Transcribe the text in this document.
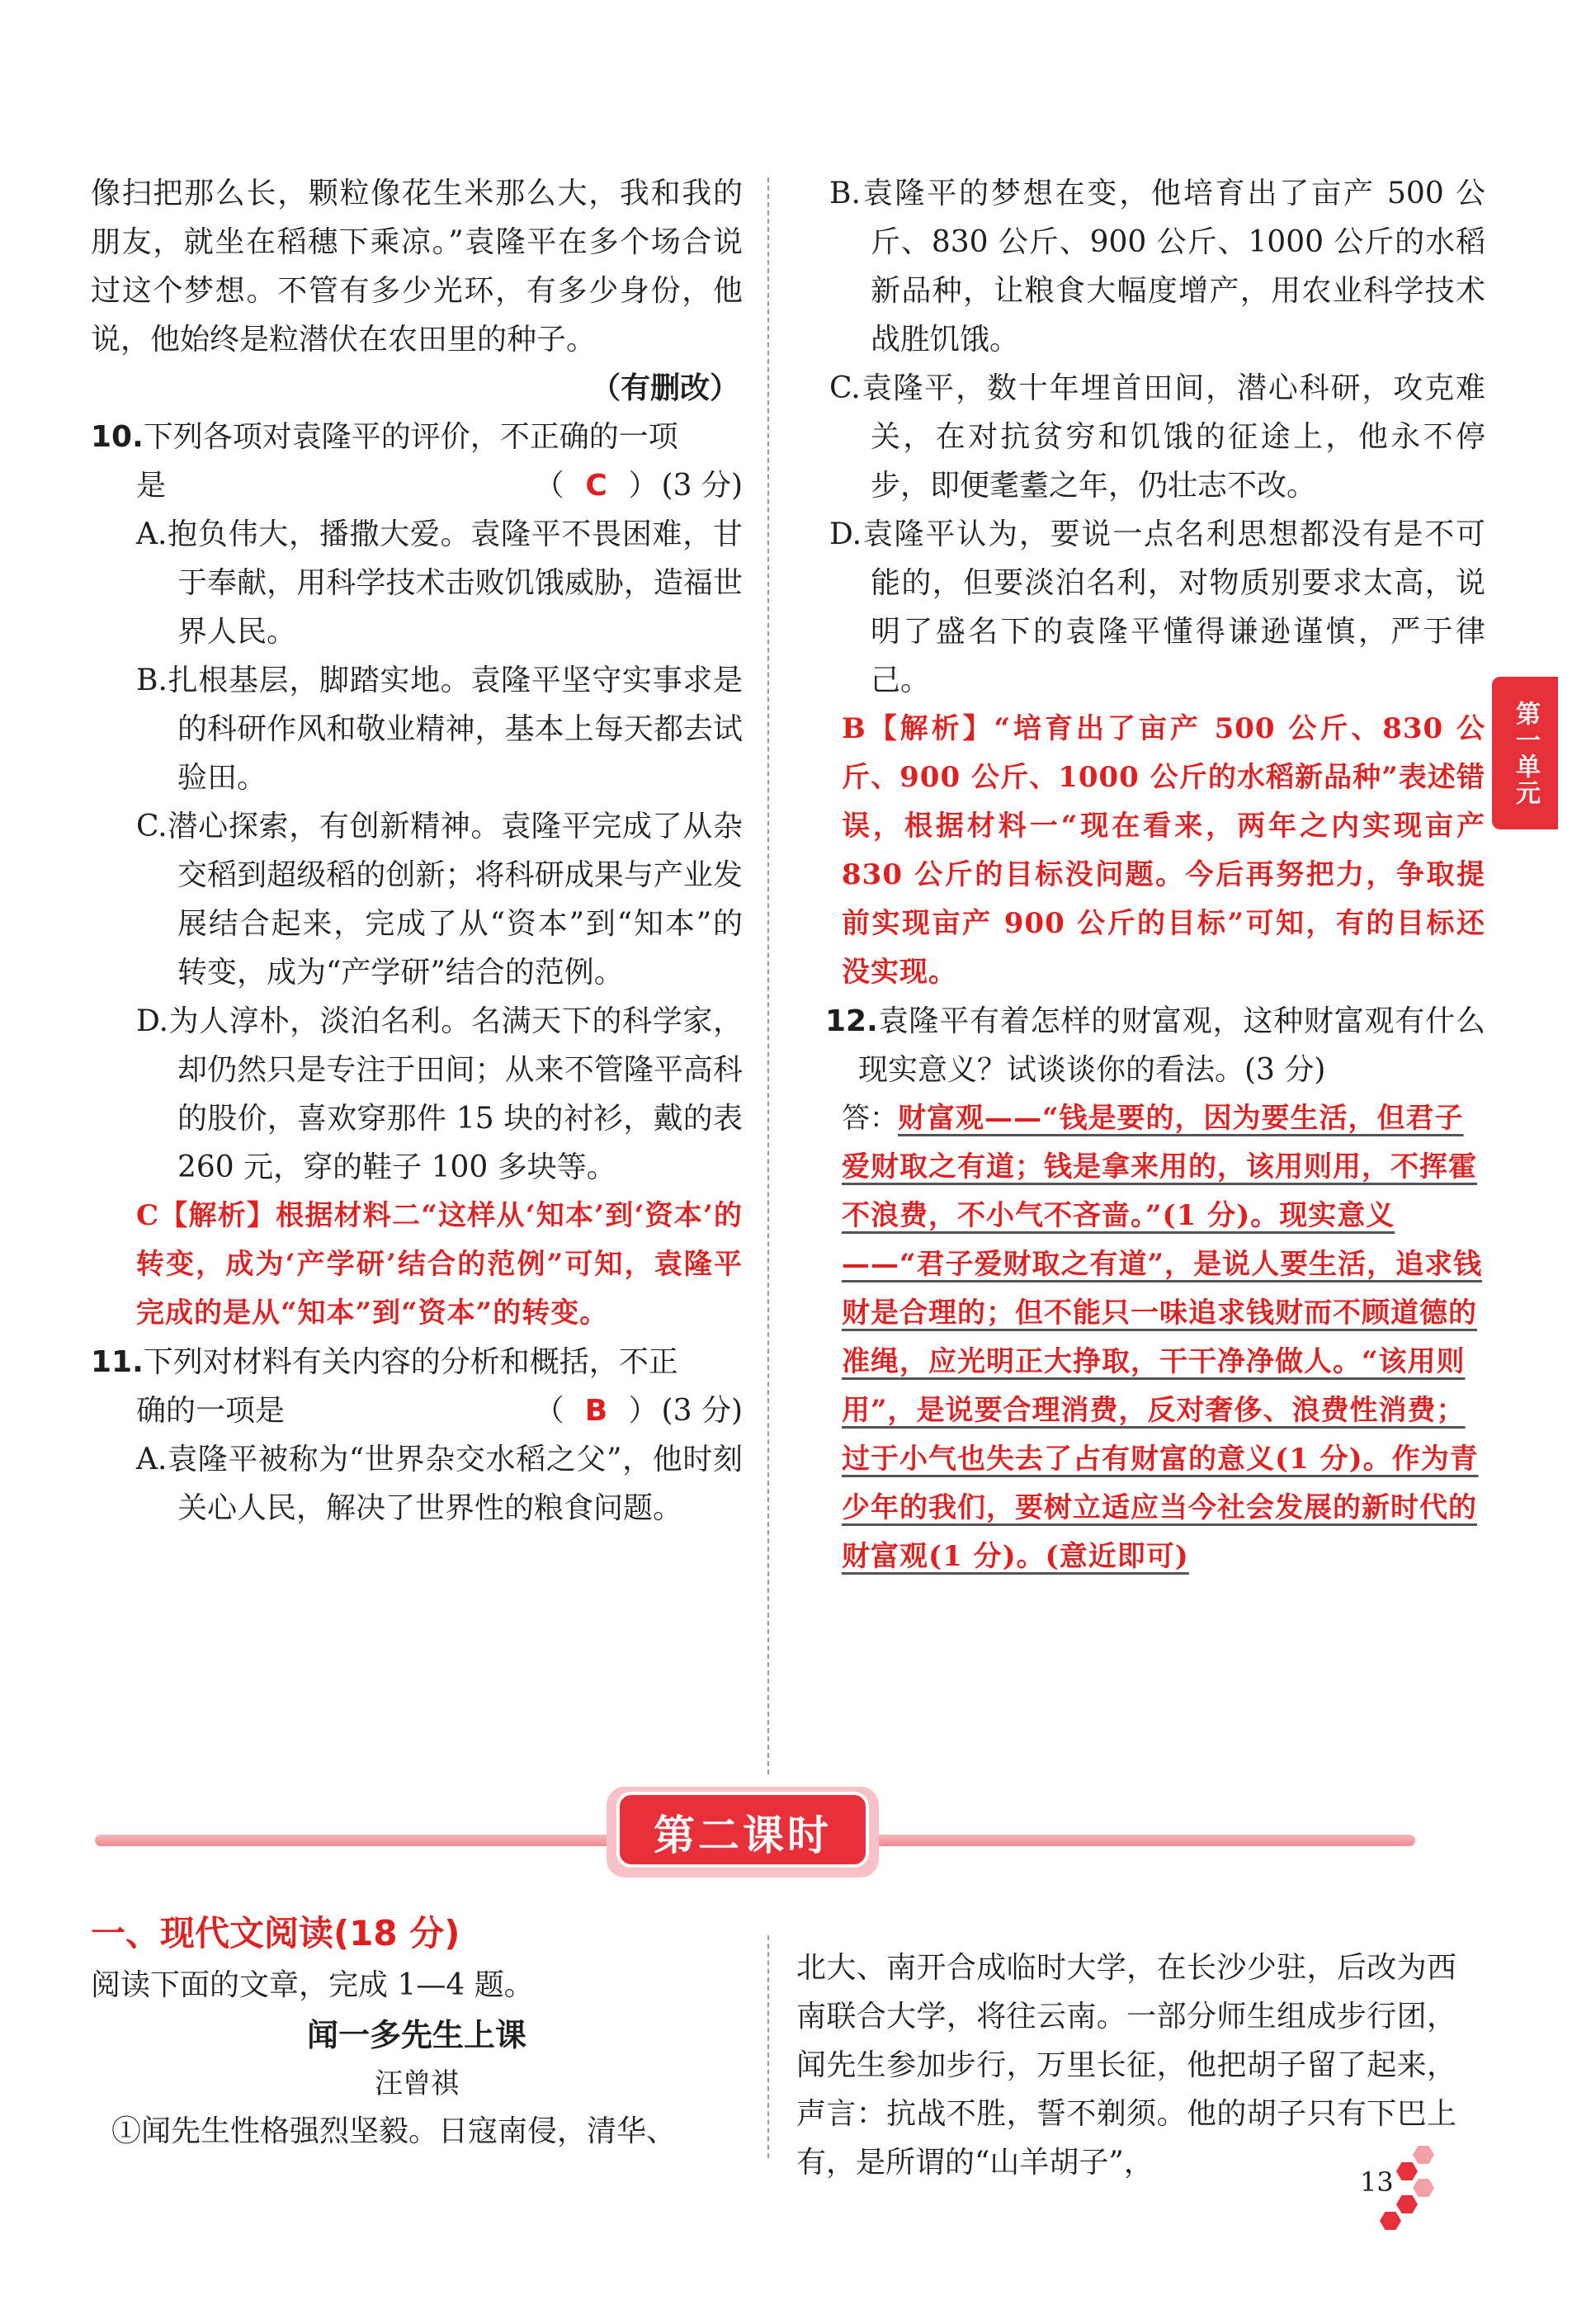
像扫把那么长，颗粒像花生米那么大，我和我的朋友，就坐在稻穗下乘凉。”袁隆平在多个场合说过这个梦想。不管有多少光环，有多少身份，他说，他始终是粒潜伏在农田里的种子。

（有删改）

10.下列各项对袁隆平的评价，不正确的一项
是	（ C ） (3 分)

A.抱负伟大，播撒大爱。袁隆平不畏困难，甘于奉献，用科学技术击败饥饿威胁，造福世界人民。

B.扎根基层，脚踏实地。袁隆平坚守实事求是的科研作风和敬业精神，基本上每天都去试验田。

C.潜心探索，有创新精神。袁隆平完成了从杂交稻到超级稻的创新；将科研成果与产业发展结合起来，完成了从“资本”到“知本”的转变，成为“产学研”结合的范例。

D.为人淳朴，淡泊名利。名满天下的科学家，却仍然只是专注于田间；从来不管隆平高科的股价，喜欢穿那件 15 块的衬衫，戴的表 260 元，穿的鞋子 100 多块等。

C【解析】根据材料二“这样从‘知本’到‘资本’的转变，成为‘产学研’结合的范例”可知，袁隆平完成的是从“知本”到“资本”的转变。

11.下列对材料有关内容的分析和概括，不正
确的一项是	（ B ） (3 分)

A.袁隆平被称为“世界杂交水稻之父”，他时刻关心人民，解决了世界性的粮食问题。

B.袁隆平的梦想在变，他培育出了亩产 500 公斤、830 公斤、900 公斤、1000 公斤的水稻新品种，让粮食大幅度增产，用农业科学技术战胜饥饿。

C.袁隆平，数十年埋首田间，潜心科研，攻克难关，在对抗贫穷和饥饿的征途上，他永不停步，即便耄耋之年，仍壮志不改。

D.袁隆平认为，要说一点名利思想都没有是不可能的，但要淡泊名利，对物质别要求太高，说明了盛名下的袁隆平懂得谦逊谨慎，严于律己。

B【解析】“培育出了亩产 500 公斤、830 公斤、900 公斤、1000 公斤的水稻新品种”表述错误，根据材料一“现在看来，两年之内实现亩产 830 公斤的目标没问题。今后再努把力，争取提前实现亩产 900 公斤的目标”可知，有的目标还没实现。

12.袁隆平有着怎样的财富观，这种财富观有什么现实意义？试谈谈你的看法。(3 分)

答：财富观——“钱是要的，因为要生活，但君子爱财取之有道；钱是拿来用的，该用则用，不挥霍不浪费，不小气不吝啬。”(1 分)。现实意义——“君子爱财取之有道”，是说人要生活，追求钱财是合理的；但不能只一味追求钱财而不顾道德的准绳，应光明正大挣取，干干净净做人。“该用则用”，是说要合理消费，反对奢侈、浪费性消费；过于小气也失去了占有财富的意义(1 分)。作为青少年的我们，要树立适应当今社会发展的新时代的财富观(1 分)。(意近即可)

第一单元
第二课时

一、现代文阅读(18 分)

阅读下面的文章，完成 1—4 题。

闻一多先生上课

汪曾祺

①闻先生性格强烈坚毅。日寇南侵，清华、

北大、南开合成临时大学，在长沙少驻，后改为西南联合大学，将往云南。一部分师生组成步行团，闻先生参加步行，万里长征，他把胡子留了起来，声言：抗战不胜，誓不剃须。他的胡子只有下巴上有，是所谓的“山羊胡子”，

13
